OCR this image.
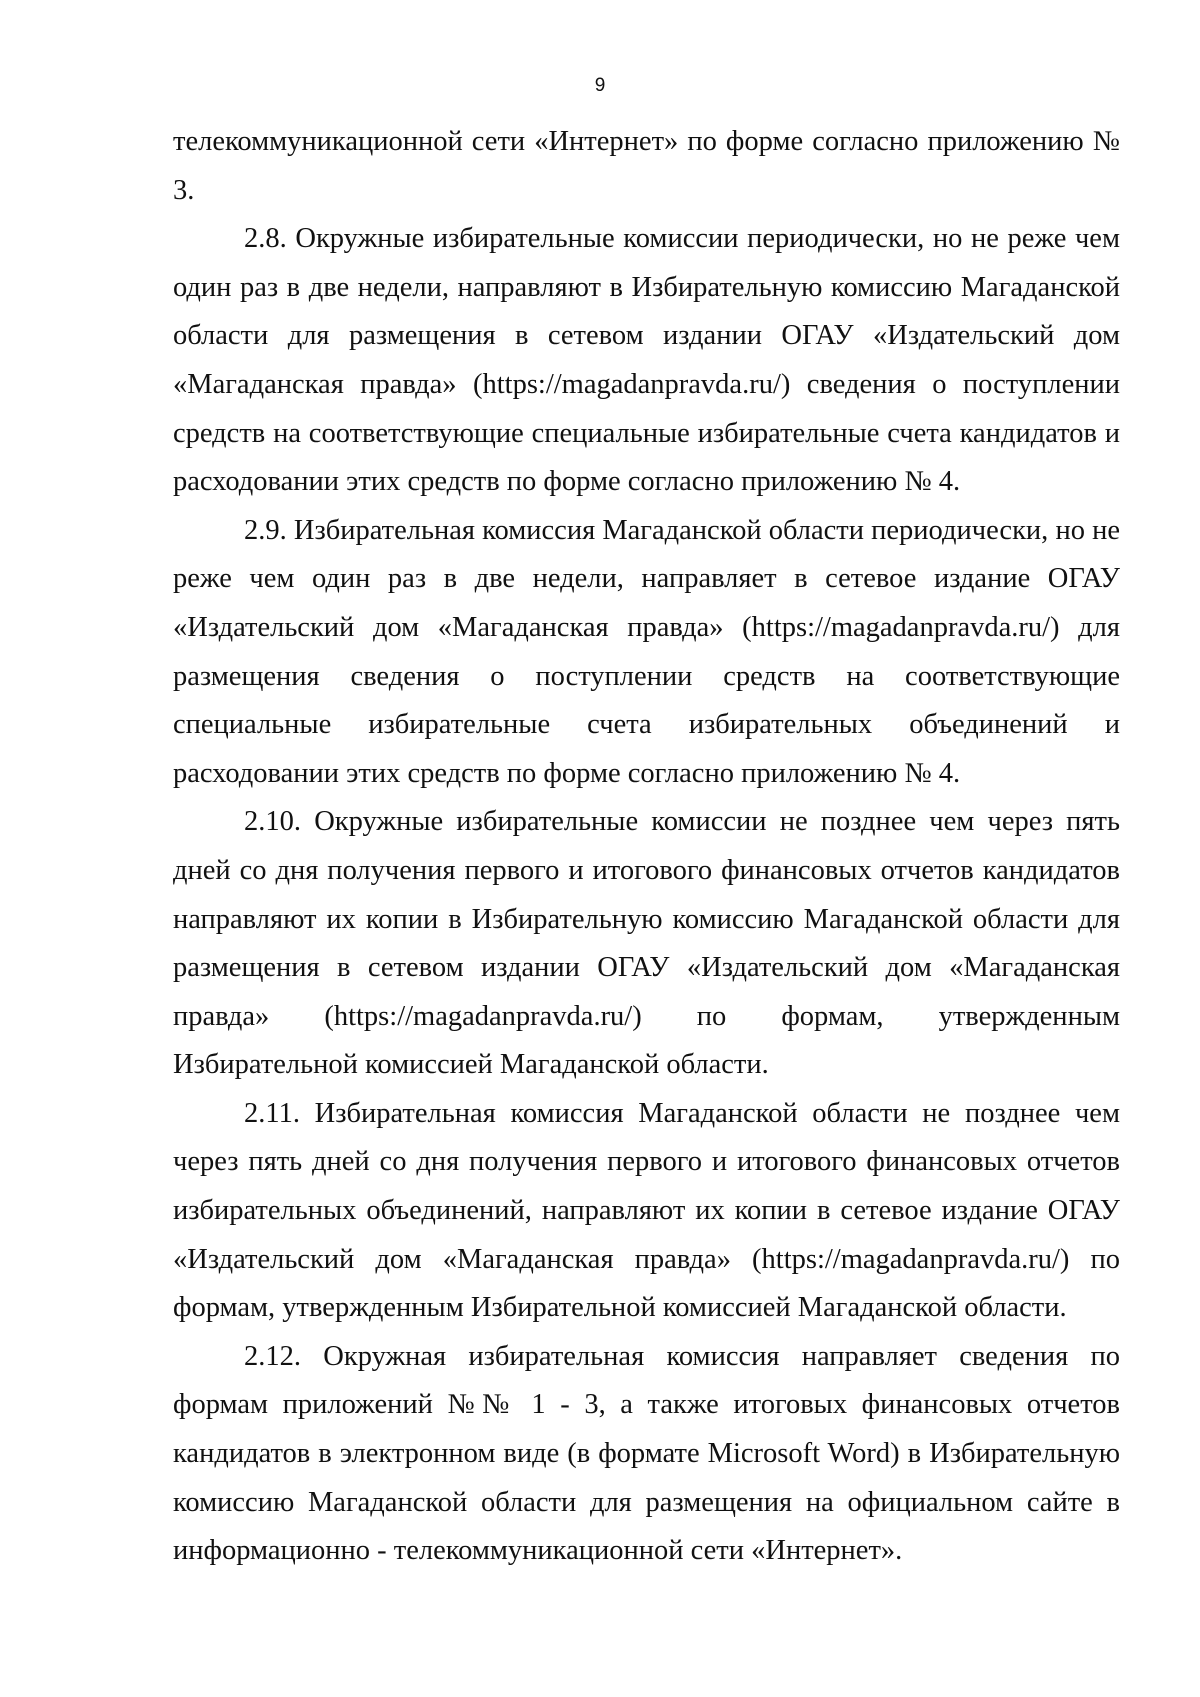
9

телекоммуникационной сети «Интернет» по форме согласно приложению № 3.

2.8. Окружные избирательные комиссии периодически, но не реже чем один раз в две недели, направляют в Избирательную комиссию Магаданской области для размещения в сетевом издании ОГАУ «Издательский дом «Магаданская правда» (https://magadanpravda.ru/) сведения о поступлении средств на соответствующие специальные избирательные счета кандидатов и расходовании этих средств по форме согласно приложению № 4.

2.9. Избирательная комиссия Магаданской области периодически, но не реже чем один раз в две недели, направляет в сетевое издание ОГАУ «Издательский дом «Магаданская правда» (https://magadanpravda.ru/) для размещения сведения о поступлении средств на соответствующие специальные избирательные счета избирательных объединений и расходовании этих средств по форме согласно приложению № 4.

2.10. Окружные избирательные комиссии не позднее чем через пять дней со дня получения первого и итогового финансовых отчетов кандидатов направляют их копии в Избирательную комиссию Магаданской области для размещения в сетевом издании ОГАУ «Издательский дом «Магаданская правда» (https://magadanpravda.ru/) по формам, утвержденным Избирательной комиссией Магаданской области.

2.11. Избирательная комиссия Магаданской области не позднее чем через пять дней со дня получения первого и итогового финансовых отчетов избирательных объединений, направляют их копии в сетевое издание ОГАУ «Издательский дом «Магаданская правда» (https://magadanpravda.ru/) по формам, утвержденным Избирательной комиссией Магаданской области.

2.12. Окружная избирательная комиссия направляет сведения по формам приложений №№ 1 - 3, а также итоговых финансовых отчетов кандидатов в электронном виде (в формате Microsoft Word) в Избирательную комиссию Магаданской области для размещения на официальном сайте в информационно - телекоммуникационной сети «Интернет».
